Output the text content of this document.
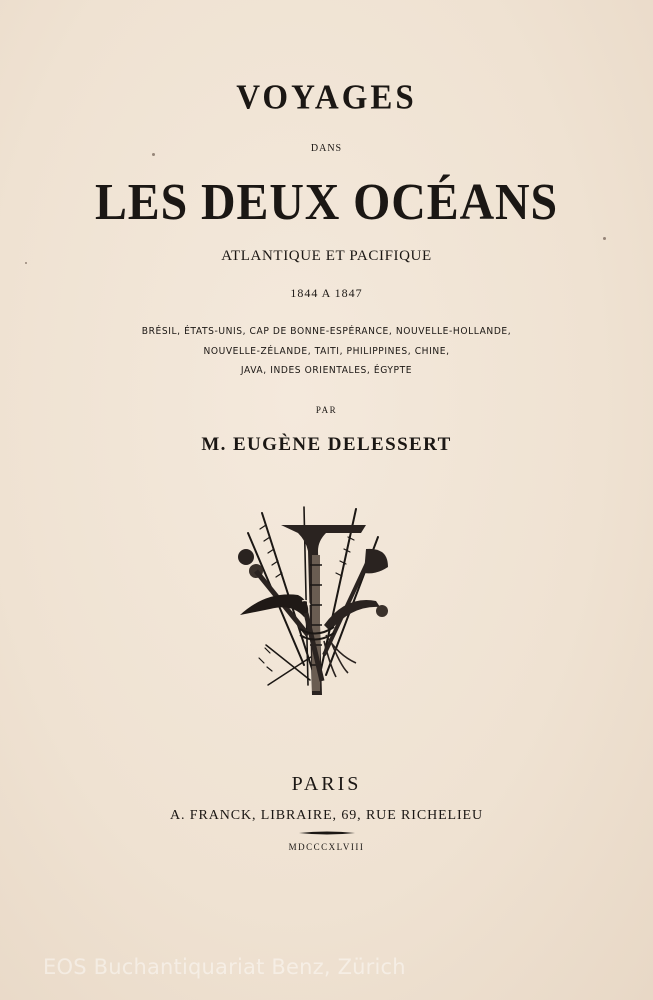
VOYAGES
DANS
LES DEUX OCÉANS
ATLANTIQUE ET PACIFIQUE
1844 A 1847
BRÉSIL, ÉTATS-UNIS, CAP DE BONNE-ESPÉRANCE, NOUVELLE-HOLLANDE,
NOUVELLE-ZÉLANDE, TAITI, PHILIPPINES, CHINE,
JAVA, INDES ORIENTALES, ÉGYPTE
PAR
M. EUGÈNE DELESSERT
PARIS
A. FRANCK, LIBRAIRE, 69, RUE RICHELIEU
MDCCCXLVIII
EOS Buchantiquariat Benz, Zürich
